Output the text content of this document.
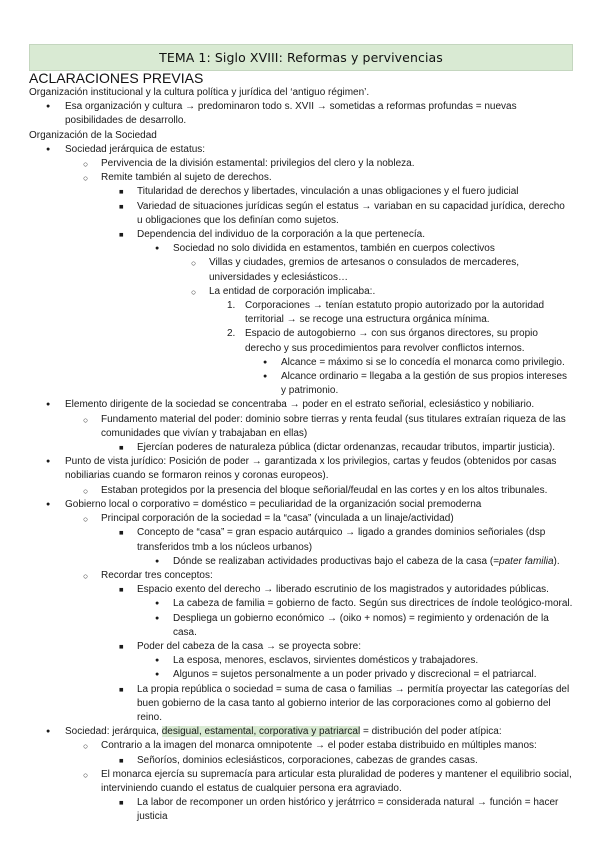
TEMA 1: Siglo XVIII: Reformas y pervivencias
ACLARACIONES PREVIAS
Organización institucional y la cultura política y jurídica del ‘antiguo régimen’.
● Esa organización y cultura → predominaron todo s. XVII → sometidas a reformas profundas = nuevas posibilidades de desarrollo.
Organización de la Sociedad
● Sociedad jerárquica de estatus:
○ Pervivencia de la división estamental: privilegios del clero y la nobleza.
○ Remite también al sujeto de derechos.
■ Titularidad de derechos y libertades, vinculación a unas obligaciones y el fuero judicial
■ Variedad de situaciones jurídicas según el estatus → variaban en su capacidad jurídica, derecho u obligaciones que los definían como sujetos.
■ Dependencia del individuo de la corporación a la que pertenecía.
● Sociedad no solo dividida en estamentos, también en cuerpos colectivos
○ Villas y ciudades, gremios de artesanos o consulados de mercaderes, universidades y eclesiásticos…
○ La entidad de corporación implicaba:.
1. Corporaciones → tenían estatuto propio autorizado por la autoridad territorial → se recoge una estructura orgánica mínima.
2. Espacio de autogobierno → con sus órganos directores, su propio derecho y sus procedimientos para revolver conflictos internos.
● Alcance = máximo si se lo concedía el monarca como privilegio.
● Alcance ordinario = llegaba a la gestión de sus propios intereses y patrimonio.
● Elemento dirigente de la sociedad se concentraba → poder en el estrato señorial, eclesiástico y nobiliario.
○ Fundamento material del poder: dominio sobre tierras y renta feudal (sus titulares extraían riqueza de las comunidades que vivían y trabajaban en ellas)
■ Ejercían poderes de naturaleza pública (dictar ordenanzas, recaudar tributos, impartir justicia).
● Punto de vista jurídico: Posición de poder → garantizada x los privilegios, cartas y feudos (obtenidos por casas nobiliarias cuando se formaron reinos y coronas europeos).
○ Estaban protegidos por la presencia del bloque señorial/feudal en las cortes y en los altos tribunales.
● Gobierno local o corporativo = doméstico = peculiaridad de la organización social premoderna
○ Principal corporación de la sociedad = la “casa” (vinculada a un linaje/actividad)
■ Concepto de “casa” = gran espacio autárquico → ligado a grandes dominios señoriales (dsp transferidos tmb a los núcleos urbanos)
● Dónde se realizaban actividades productivas bajo el cabeza de la casa (=pater familia).
○ Recordar tres conceptos:
■ Espacio exento del derecho → liberado escrutinio de los magistrados y autoridades públicas.
● La cabeza de familia = gobierno de facto. Según sus directrices de índole teológico-moral.
● Despliega un gobierno económico → (oiko + nomos) = regimiento y ordenación de la casa.
■ Poder del cabeza de la casa → se proyecta sobre:
● La esposa, menores, esclavos, sirvientes domésticos y trabajadores.
● Algunos = sujetos personalmente a un poder privado y discrecional = el patriarcal.
■ La propia república o sociedad = suma de casa o familias → permitía proyectar las categorías del buen gobierno de la casa tanto al gobierno interior de las corporaciones como al gobierno del reino.
● Sociedad: jerárquica, desigual, estamental, corporativa y patriarcal = distribución del poder atípica:
○ Contrario a la imagen del monarca omnipotente → el poder estaba distribuido en múltiples manos:
■ Señoríos, dominios eclesiásticos, corporaciones, cabezas de grandes casas.
○ El monarca ejercía su supremacía para articular esta pluralidad de poderes y mantener el equilibrio social, interviniendo cuando el estatus de cualquier persona era agraviado.
■ La labor de recomponer un orden histórico y jerátrrico = considerada natural → función = hacer justicia
